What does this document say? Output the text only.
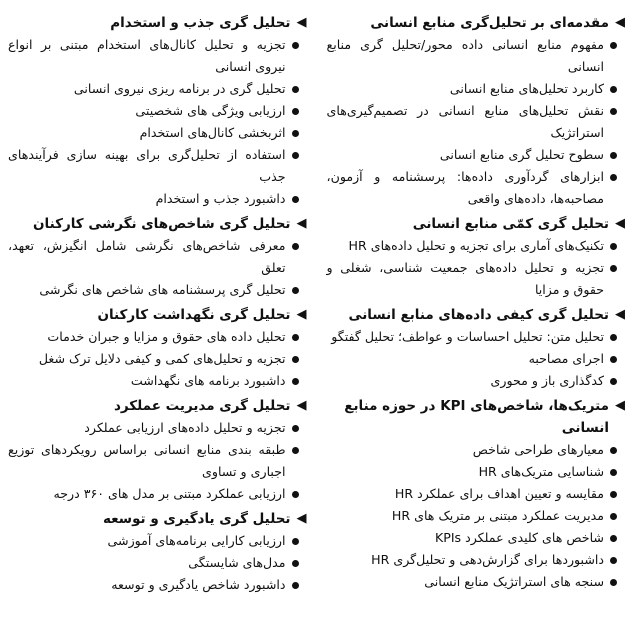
◀
مقدمه‌ای بر تحلیل‌گری منابع انسانی
مفهوم منابع انسانی داده محور/تحلیل گری منابع انسانی
کاربرد تحلیل‌های منابع انسانی
نقش تحلیل‌های منابع انسانی در تصمیم‌گیری‌های استراتژیک
سطوح تحلیل گری منابع انسانی
ابزارهای گردآوری داده‌ها: پرسشنامه و آزمون، مصاحبه‌ها، داده‌های واقعی
◀
تحلیل گری کمّی منابع انسانی
تکنیک‌های آماری برای تجزیه و تحلیل داده‌های HR
تجزیه و تحلیل داده‌های جمعیت شناسی، شغلی و حقوق و مزایا
◀
تحلیل گری کیفی داده‌های منابع انسانی
تحلیل متن: تحلیل احساسات و عواطف؛ تحلیل گفتگو
اجرای مصاحبه
کدگذاری باز و محوری
◀
متریک‌ها، شاخص‌های KPI در حوزه منابع انسانی
معیارهای طراحی شاخص
شناسایی متریک‌های HR
مقایسه و تعیین اهداف برای عملکرد HR
مدیریت عملکرد مبتنی بر متریک های HR
شاخص های کلیدی عملکرد KPIs
داشبوردها برای گزارش‌دهی و تحلیل‌گری HR
سنجه های استراتژیک منابع انسانی
◀
تحلیل گری جذب و استخدام
تجزیه و تحلیل کانال‌های استخدام مبتنی بر انواع نیروی انسانی
تحلیل گری در برنامه ریزی نیروی انسانی
ارزیابی ویژگی های شخصیتی
اثربخشی کانال‌های استخدام
استفاده از تحلیل‌گری برای بهینه سازی فرآیندهای جذب
داشبورد جذب و استخدام
◀
تحلیل گری شاخص‌های نگرشی کارکنان
معرفی شاخص‌های نگرشی شامل انگیزش، تعهد، تعلق
تحلیل گری پرسشنامه های شاخص های نگرشی
◀
تحلیل گری نگهداشت کارکنان
تحلیل داده های حقوق و مزایا و جبران خدمات
تجزیه و تحلیل‌های کمی و کیفی دلایل ترک شغل
داشبورد برنامه های نگهداشت
◀
تحلیل گری مدیریت عملکرد
تجزیه و تحلیل داده‌های ارزیابی عملکرد
طبقه بندی منابع انسانی براساس رویکردهای توزیع اجباری و تساوی
ارزیابی عملکرد مبتنی بر مدل های ۳۶۰ درجه
◀
تحلیل گری یادگیری و توسعه
ارزیابی کارایی برنامه‌های آموزشی
مدل‌های شایستگی
داشبورد شاخص یادگیری و توسعه
